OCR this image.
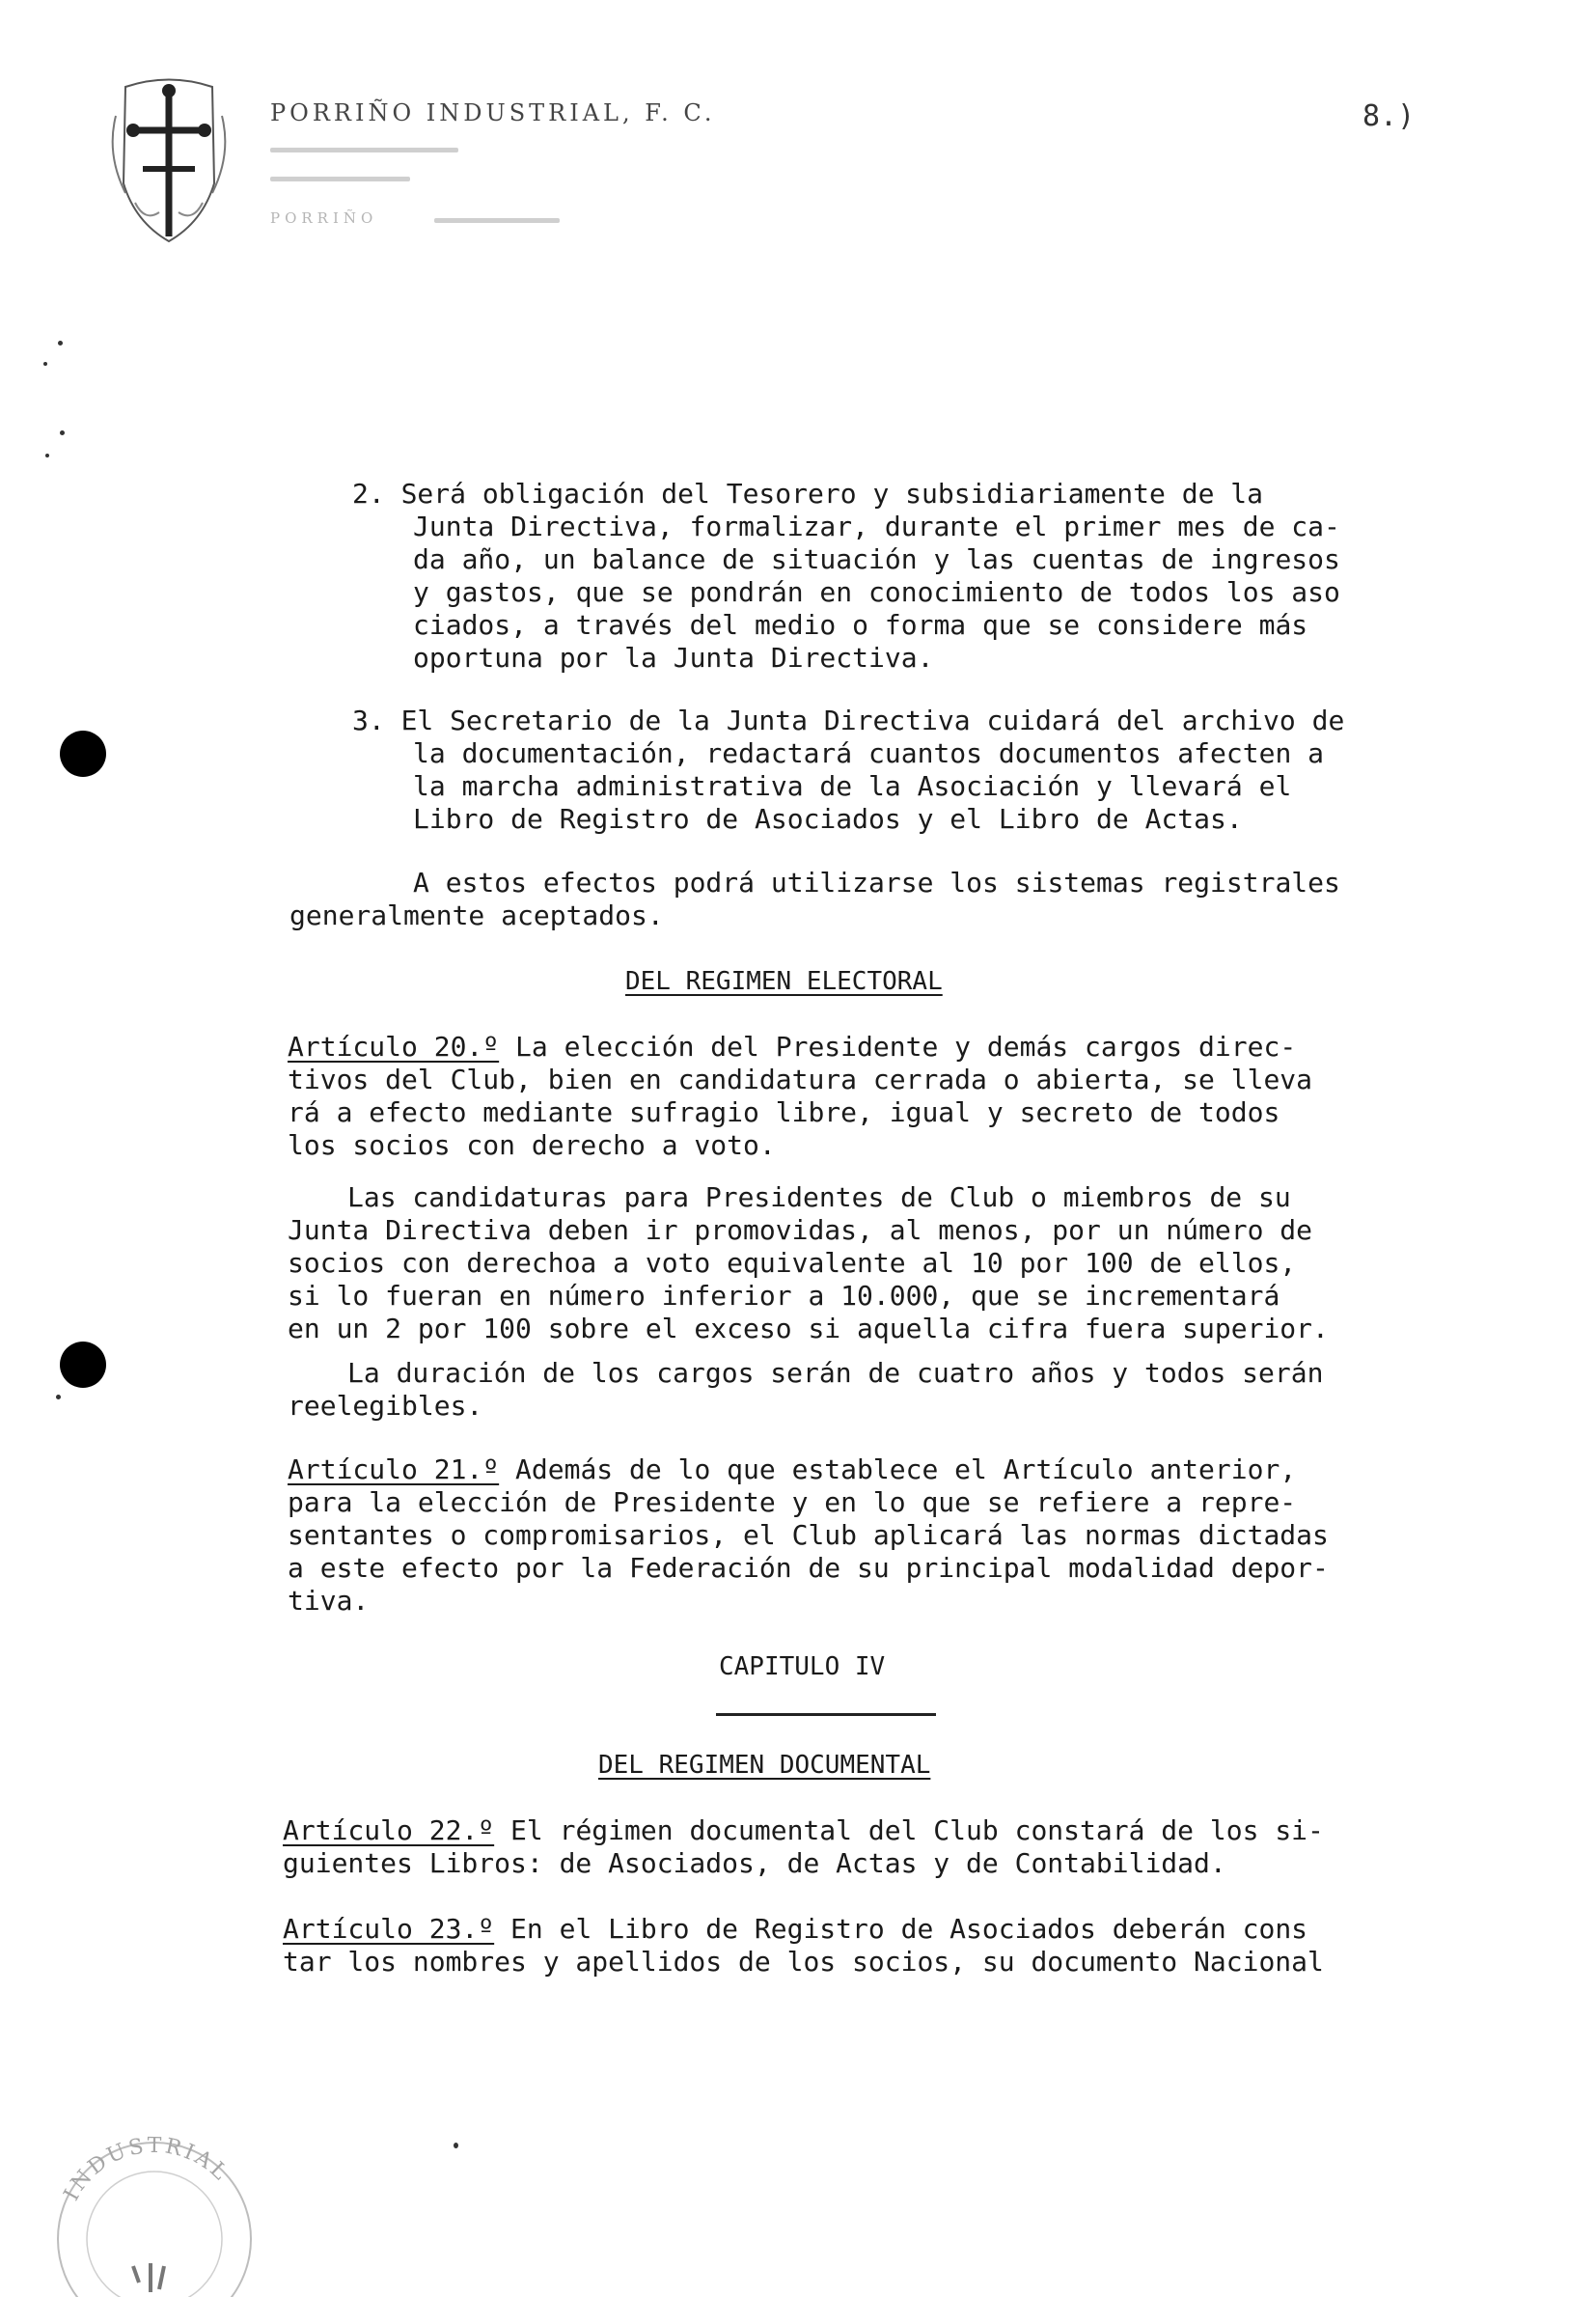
PORRIÑO INDUSTRIAL, F. C.
PORRIÑO
8.)
2. Será obligación del Tesorero y subsidiariamente de la
Junta Directiva, formalizar, durante el primer mes de ca-
da año, un balance de situación y las cuentas de ingresos
y gastos, que se pondrán en conocimiento de todos los aso
ciados, a través del medio o forma que se considere más
oportuna por la Junta Directiva.
3. El Secretario de la Junta Directiva cuidará del archivo de
la documentación, redactará cuantos documentos afecten a
la marcha administrativa de la Asociación y llevará el
Libro de Registro de Asociados y el Libro de Actas.
A estos efectos podrá utilizarse los sistemas registrales
generalmente aceptados.
DEL REGIMEN ELECTORAL
Artículo 20.º La elección del Presidente y demás cargos direc-
tivos del Club, bien en candidatura cerrada o abierta, se lleva
rá a efecto mediante sufragio libre, igual y secreto de todos
los socios con derecho a voto.
Las candidaturas para Presidentes de Club o miembros de su
Junta Directiva deben ir promovidas, al menos, por un número de
socios con derechoa a voto equivalente al 10 por 100 de ellos,
si lo fueran en número inferior a 10.000, que se incrementará
en un 2 por 100 sobre el exceso si aquella cifra fuera superior.
La duración de los cargos serán de cuatro años y todos serán
reelegibles.
Artículo 21.º Además de lo que establece el Artículo anterior,
para la elección de Presidente y en lo que se refiere a repre-
sentantes o compromisarios, el Club aplicará las normas dictadas
a este efecto por la Federación de su principal modalidad depor-
tiva.
CAPITULO IV
DEL REGIMEN DOCUMENTAL
Artículo 22.º El régimen documental del Club constará de los si-
guientes Libros: de Asociados, de Actas y de Contabilidad.
Artículo 23.º En el Libro de Registro de Asociados deberán cons
tar los nombres y apellidos de los socios, su documento Nacional
INDUSTRIAL
